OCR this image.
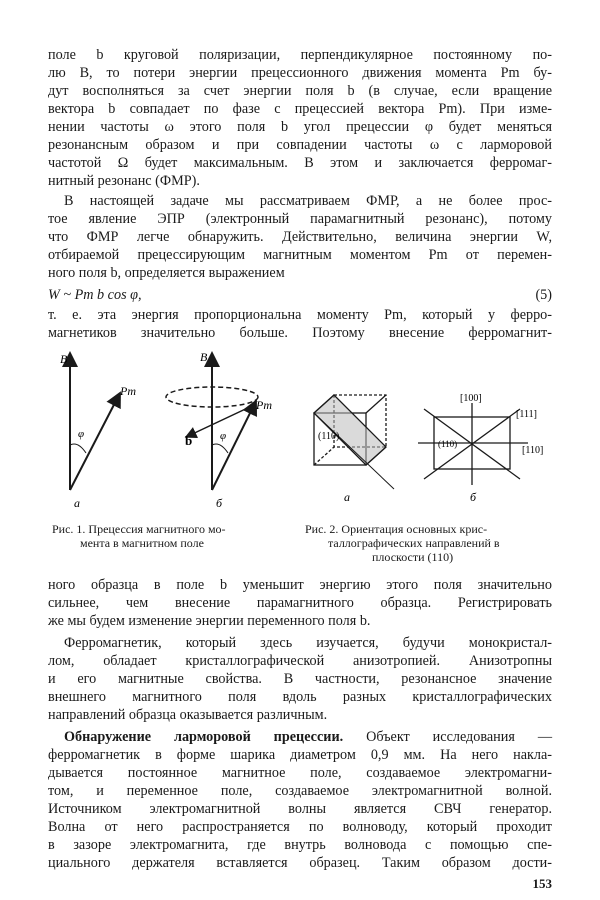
поле b круговой поляризации, перпендикулярное постоянному по-
лю B, то потери энергии прецессионного движения момента Pm бу-
дут восполняться за счет энергии поля b (в случае, если вращение
вектора b совпадает по фазе с прецессией вектора Pm). При изме-
нении частоты ω этого поля b угол прецессии φ будет меняться
резонансным образом и при совпадении частоты ω с ларморовой
частотой Ω будет максимальным. В этом и заключается ферромаг-
нитный резонанс (ФМР).
В настоящей задаче мы рассматриваем ФМР, а не более прос-
тое явление ЭПР (электронный парамагнитный резонанс), потому
что ФМР легче обнаружить. Действительно, величина энергии W,
отбираемой прецессирующим магнитным моментом Pm от перемен-
ного поля b, определяется выражением
W ~ Pm b cos φ,	(5)
т. е. эта энергия пропорциональна моменту Pm, который у ферро-
магнетиков значительно больше. Поэтому внесение ферромагнит-
B
Pm
φ
а
B
Pm
b	φ
б
Рис. 1. Прецессия магнитного мо-
мента в магнитном поле
(110)
а
[100]
[111]
[110]
(110)
б
Рис. 2. Ориентация основных крис-
таллографических направлений в
плоскости (110)
ного образца в поле b уменьшит энергию этого поля значительно
сильнее, чем внесение парамагнитного образца. Регистрировать
же мы будем изменение энергии переменного поля b.
Ферромагнетик, который здесь изучается, будучи монокристал-
лом, обладает кристаллографической анизотропией. Анизотропны
и его магнитные свойства. В частности, резонансное значение
внешнего магнитного поля вдоль разных кристаллографических
направлений образца оказывается различным.
Обнаружение ларморовой прецессии. Объект исследования —
ферромагнетик в форме шарика диаметром 0,9 мм. На него накла-
дывается постоянное магнитное поле, создаваемое электромагни-
том, и переменное поле, создаваемое электромагнитной волной.
Источником электромагнитной волны является СВЧ генератор.
Волна от него распространяется по волноводу, который проходит
в зазоре электромагнита, где внутрь волновода с помощью спе-
циального держателя вставляется образец. Таким образом дости-
153
